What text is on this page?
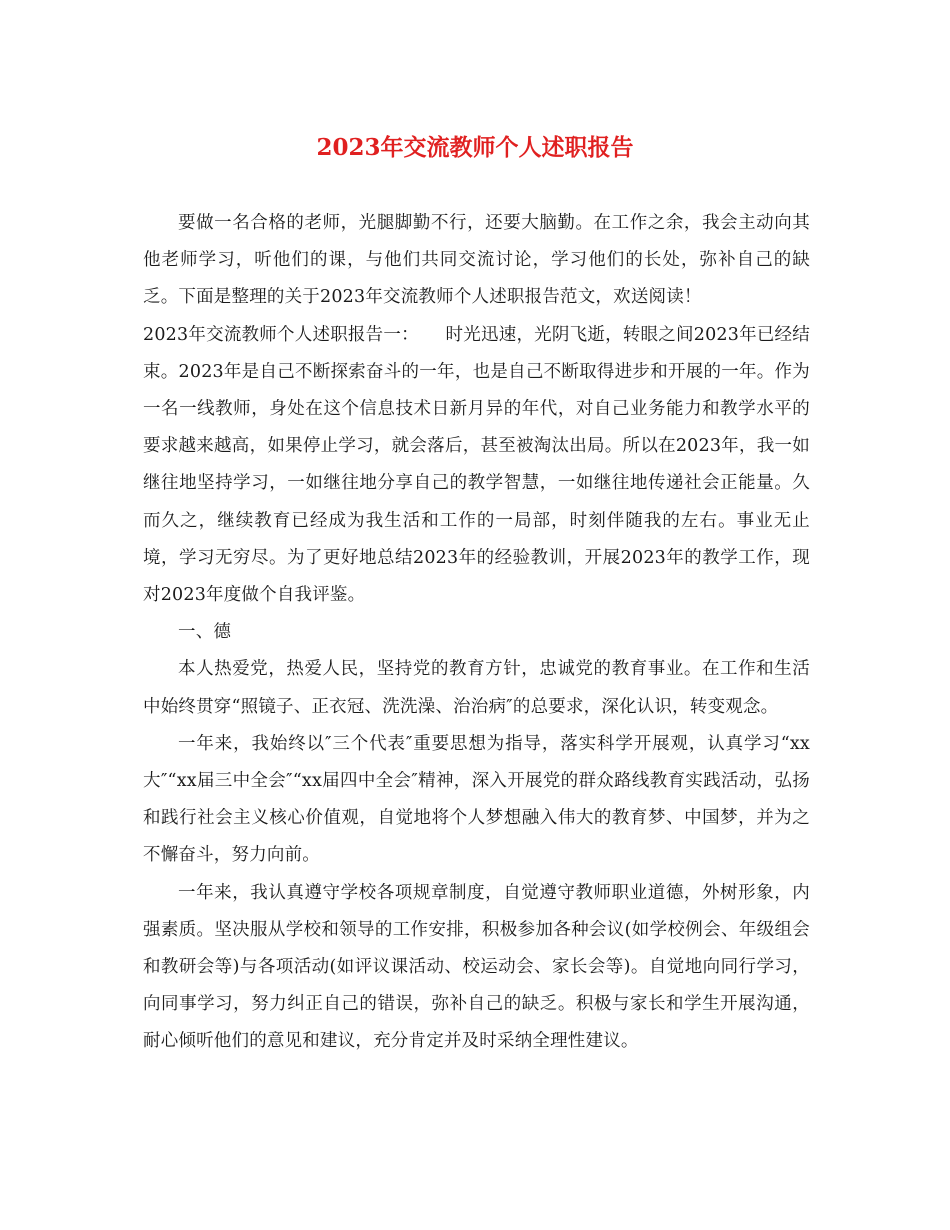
2023年交流教师个人述职报告

要做一名合格的老师，光腿脚勤不行，还要大脑勤。在工作之余，我会主动向其他老师学习，听他们的课，与他们共同交流讨论，学习他们的长处，弥补自己的缺乏。下面是整理的关于2023年交流教师个人述职报告范文，欢送阅读！

2023年交流教师个人述职报告一：　　时光迅速，光阴飞逝，转眼之间2023年已经结束。2023年是自己不断探索奋斗的一年，也是自己不断取得进步和开展的一年。作为一名一线教师，身处在这个信息技术日新月异的年代，对自己业务能力和教学水平的要求越来越高，如果停止学习，就会落后，甚至被淘汰出局。所以在2023年，我一如继往地坚持学习，一如继往地分享自己的教学智慧，一如继往地传递社会正能量。久而久之，继续教育已经成为我生活和工作的一局部，时刻伴随我的左右。事业无止境，学习无穷尽。为了更好地总结2023年的经验教训，开展2023年的教学工作，现对2023年度做个自我评鉴。

一、德

本人热爱党，热爱人民，坚持党的教育方针，忠诚党的教育事业。在工作和生活中始终贯穿“照镜子、正衣冠、洗洗澡、治治病″的总要求，深化认识，转变观念。

一年来，我始终以″三个代表″重要思想为指导，落实科学开展观，认真学习“xx大″“xx届三中全会″“xx届四中全会″精神，深入开展党的群众路线教育实践活动，弘扬和践行社会主义核心价值观，自觉地将个人梦想融入伟大的教育梦、中国梦，并为之不懈奋斗，努力向前。

一年来，我认真遵守学校各项规章制度，自觉遵守教师职业道德，外树形象，内强素质。坚决服从学校和领导的工作安排，积极参加各种会议(如学校例会、年级组会和教研会等)与各项活动(如评议课活动、校运动会、家长会等)。自觉地向同行学习，向同事学习，努力纠正自己的错误，弥补自己的缺乏。积极与家长和学生开展沟通，耐心倾听他们的意见和建议，充分肯定并及时采纳全理性建议。
